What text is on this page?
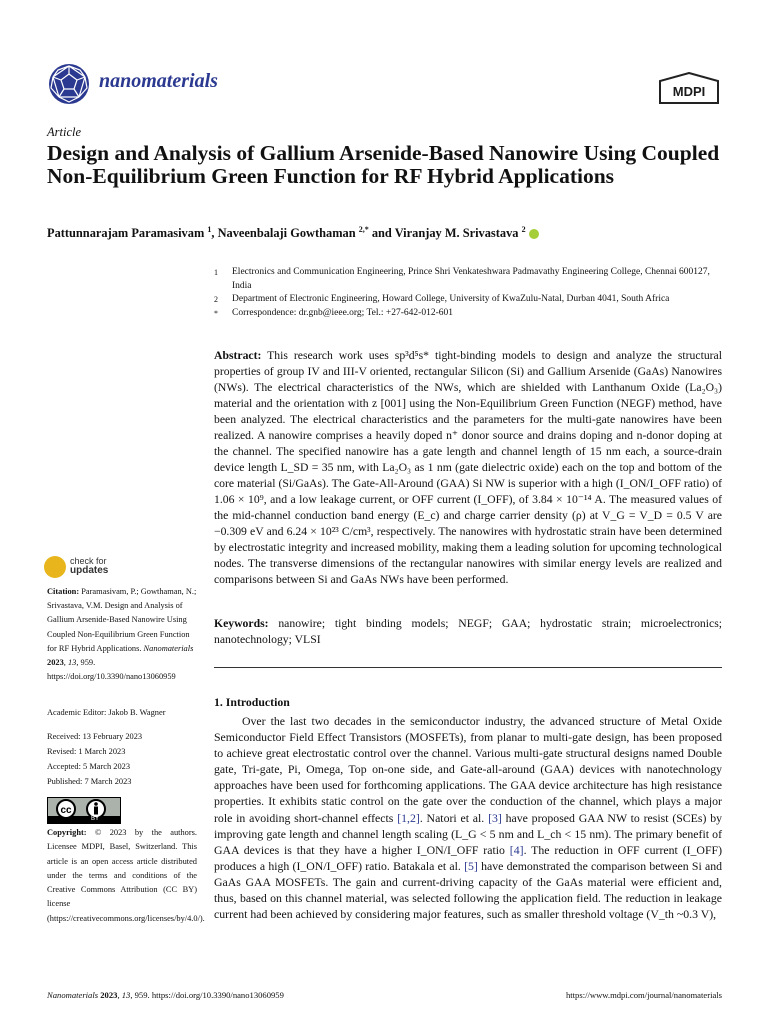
nanomaterials	MDPI
Article
Design and Analysis of Gallium Arsenide-Based Nanowire Using Coupled Non-Equilibrium Green Function for RF Hybrid Applications
Pattunnarajam Paramasivam $^1$, Naveenbalaji Gowthaman $^{2,*}$ and Viranjay M. Srivastava $^2$
1	Electronics and Communication Engineering, Prince Shri Venkateshwara Padmavathy Engineering College, Chennai 600127, India
2	Department of Electronic Engineering, Howard College, University of KwaZulu-Natal, Durban 4041, South Africa
*	Correspondence: dr.gnb@ieee.org; Tel.: +27-642-012-601
Abstract: This research work uses sp³d⁵s* tight-binding models to design and analyze the structural properties of group IV and III-V oriented, rectangular Silicon (Si) and Gallium Arsenide (GaAs) Nanowires (NWs). The electrical characteristics of the NWs, which are shielded with Lanthanum Oxide (La₂O₃) material and the orientation with z [001] using the Non-Equilibrium Green Function (NEGF) method, have been analyzed. The electrical characteristics and the parameters for the multi-gate nanowires have been realized. A nanowire comprises a heavily doped n⁺ donor source and drains doping and n-donor doping at the channel. The specified nanowire has a gate length and channel length of 15 nm each, a source-drain device length L_SD = 35 nm, with La₂O₃ as 1 nm (gate dielectric oxide) each on the top and bottom of the core material (Si/GaAs). The Gate-All-Around (GAA) Si NW is superior with a high (I_ON/I_OFF ratio) of 1.06 × 10⁹, and a low leakage current, or OFF current (I_OFF), of 3.84 × 10⁻¹⁴ A. The measured values of the mid-channel conduction band energy (E_c) and charge carrier density (ρ) at V_G = V_D = 0.5 V are −0.309 eV and 6.24 × 10²³ C/cm³, respectively. The nanowires with hydrostatic strain have been determined by electrostatic integrity and increased mobility, making them a leading solution for upcoming technological nodes. The transverse dimensions of the rectangular nanowires with similar energy levels are realized and comparisons between Si and GaAs NWs have been performed.
Keywords: nanowire; tight binding models; NEGF; GAA; hydrostatic strain; microelectronics; nanotechnology; VLSI
check for
updates
Citation: Paramasivam, P.; Gowthaman, N.; Srivastava, V.M. Design and Analysis of Gallium Arsenide-Based Nanowire Using Coupled Non-Equilibrium Green Function for RF Hybrid Applications. Nanomaterials 2023, 13, 959. https://doi.org/10.3390/nano13060959
Academic Editor: Jakob B. Wagner
Received: 13 February 2023
Revised: 1 March 2023
Accepted: 5 March 2023
Published: 7 March 2023
cc
BY
Copyright: © 2023 by the authors. Licensee MDPI, Basel, Switzerland. This article is an open access article distributed under the terms and conditions of the Creative Commons Attribution (CC BY) license (https://creativecommons.org/licenses/by/4.0/).
1. Introduction

Over the last two decades in the semiconductor industry, the advanced structure of Metal Oxide Semiconductor Field Effect Transistors (MOSFETs), from planar to multi-gate design, has been proposed to achieve great electrostatic control over the channel. Various multi-gate structural designs named Double gate, Tri-gate, Pi, Omega, Top on-one side, and Gate-all-around (GAA) devices with nanotechnology approaches have been used for forthcoming applications. The GAA device architecture has high resistance properties. It exhibits static control on the gate over the conduction of the channel, which plays a major role in avoiding short-channel effects [1,2]. Natori et al. [3] have proposed GAA NW to resist (SCEs) by improving gate length and channel length scaling (L_G < 5 nm and L_ch < 15 nm). The primary benefit of GAA devices is that they have a higher I_ON/I_OFF ratio [4]. The reduction in OFF current (I_OFF) produces a high (I_ON/I_OFF) ratio. Batakala et al. [5] have demonstrated the comparison between Si and GaAs GAA MOSFETs. The gain and current-driving capacity of the GaAs material were efficient and, thus, based on this channel material, was selected following the application field. The reduction in leakage current had been achieved by considering major features, such as smaller threshold voltage (V_th ~0.3 V),

Nanomaterials 2023, 13, 959. https://doi.org/10.3390/nano13060959	https://www.mdpi.com/journal/nanomaterials
